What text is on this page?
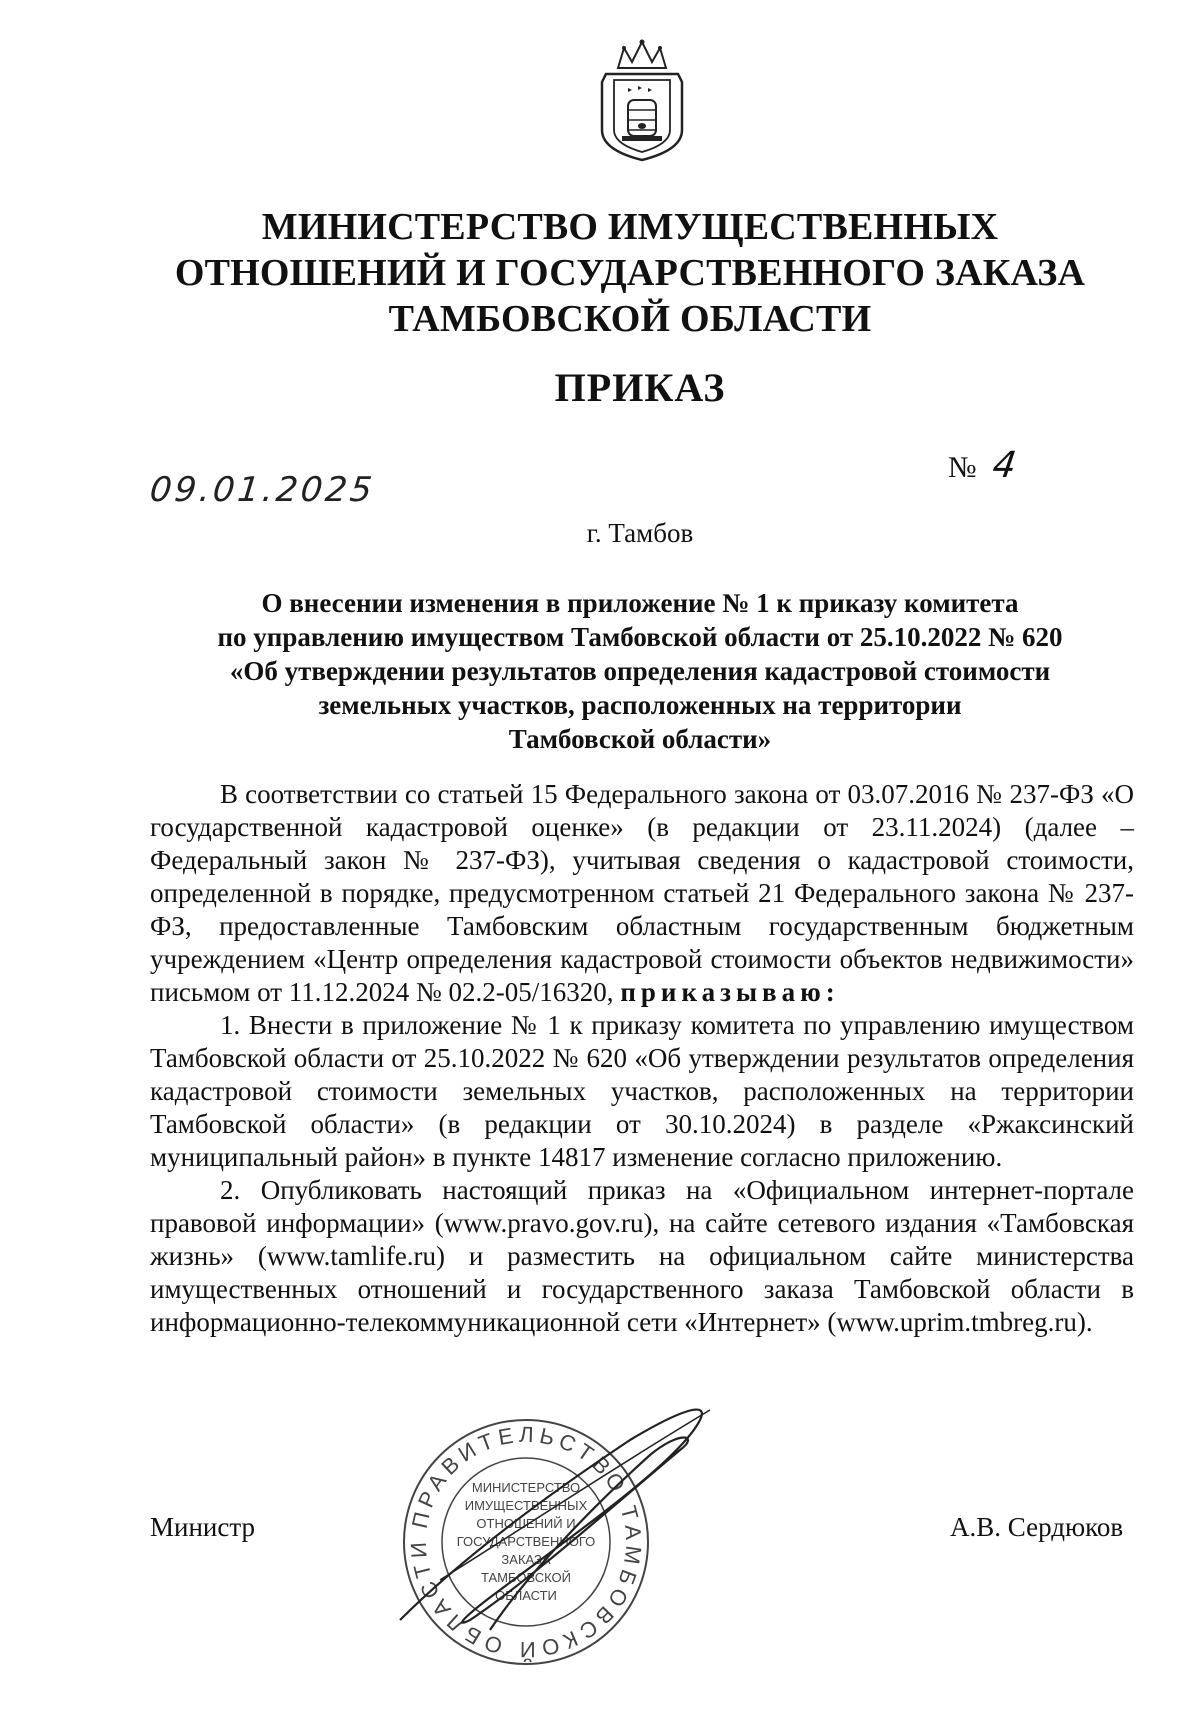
МИНИСТЕРСТВО ИМУЩЕСТВЕННЫХ
ОТНОШЕНИЙ И ГОСУДАРСТВЕННОГО ЗАКАЗА
ТАМБОВСКОЙ ОБЛАСТИ
ПРИКАЗ
09.01.2025
№ 4
г. Тамбов
О внесении изменения в приложение № 1 к приказу комитета
по управлению имуществом Тамбовской области от 25.10.2022 № 620
«Об утверждении результатов определения кадастровой стоимости
земельных участков, расположенных на территории
Тамбовской области»

В соответствии со статьей 15 Федерального закона от 03.07.2016 № 237-ФЗ «О государственной кадастровой оценке» (в редакции от 23.11.2024) (далее – Федеральный закон № 237-ФЗ), учитывая сведения о кадастровой стоимости, определенной в порядке, предусмотренном статьей 21 Федерального закона № 237-ФЗ, предоставленные Тамбовским областным государственным бюджетным учреждением «Центр определения кадастровой стоимости объектов недвижимости» письмом от 11.12.2024 № 02.2-05/16320, приказываю:

1. Внести в приложение № 1 к приказу комитета по управлению имуществом Тамбовской области от 25.10.2022 № 620 «Об утверждении результатов определения кадастровой стоимости земельных участков, расположенных на территории Тамбовской области» (в редакции от 30.10.2024) в разделе «Ржаксинский муниципальный район» в пункте 14817 изменение согласно приложению.

2. Опубликовать настоящий приказ на «Официальном интернет-портале правовой информации» (www.pravo.gov.ru), на сайте сетевого издания «Тамбовская жизнь» (www.tamlife.ru) и разместить на официальном сайте министерства имущественных отношений и государственного заказа Тамбовской области в информационно-телекоммуникационной сети «Интернет» (www.uprim.tmbreg.ru).

Министр	А.В. Сердюков
ПРАВИТЕЛЬСТВО ТАМБОВСКОЙ ОБЛАСТИ
МИНИСТЕРСТВО
ИМУЩЕСТВЕННЫХ
ОТНОШЕНИЙ И
ГОСУДАРСТВЕННОГО
ЗАКАЗА
ТАМБОВСКОЙ
ОБЛАСТИ
